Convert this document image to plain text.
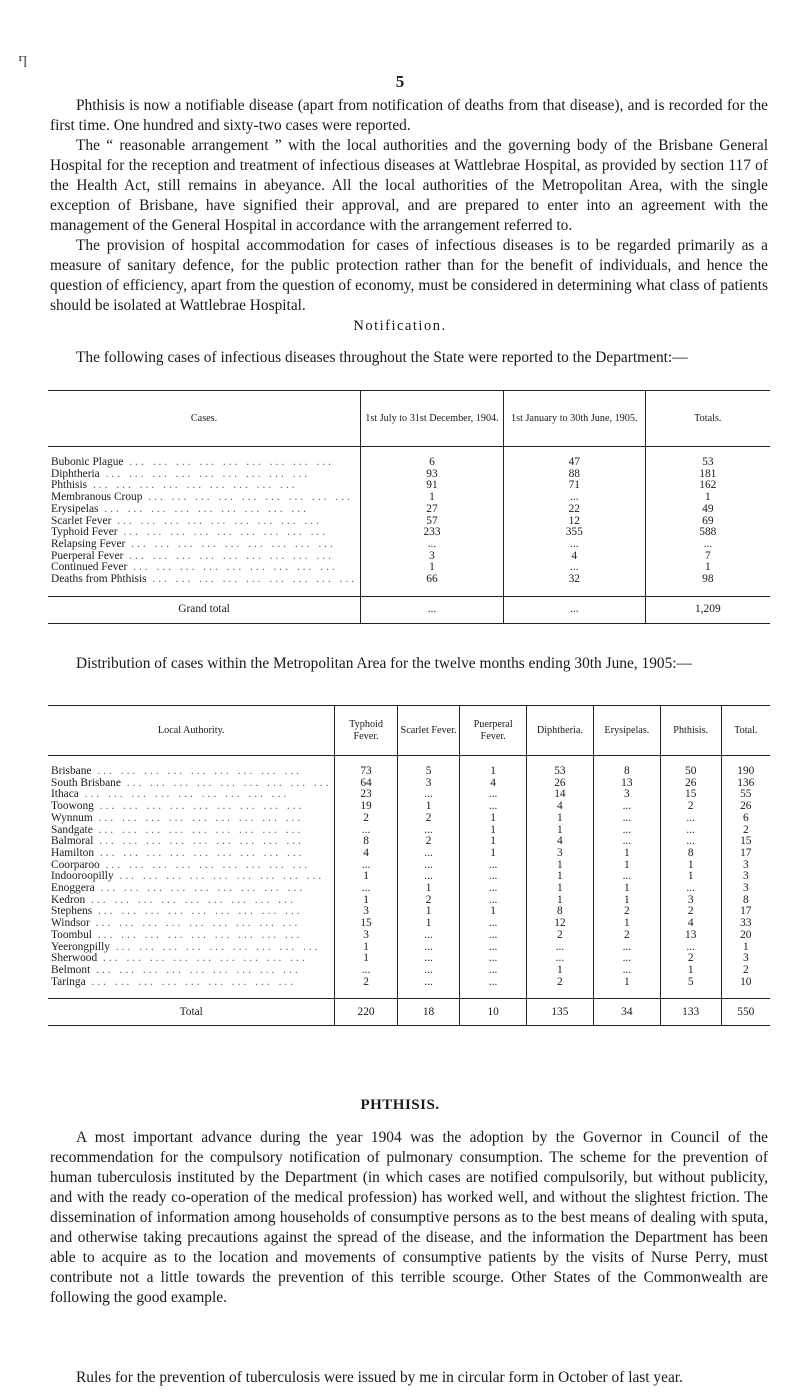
Ⴄ
5

Phthisis is now a notifiable disease (apart from notification of deaths from that disease), and is recorded for the first time. One hundred and sixty-two cases were reported.

The “ reasonable arrangement ” with the local authorities and the governing body of the Brisbane General Hospital for the reception and treatment of infectious diseases at Wattlebrae Hospital, as provided by section 117 of the Health Act, still remains in abeyance. All the local authorities of the Metropolitan Area, with the single exception of Brisbane, have signified their approval, and are prepared to enter into an agreement with the management of the General Hospital in accordance with the arrangement referred to.

The provision of hospital accommodation for cases of infectious diseases is to be regarded primarily as a measure of sanitary defence, for the public protection rather than for the benefit of individuals, and hence the question of efficiency, apart from the question of economy, must be considered in determining what class of patients should be isolated at Wattlebrae Hospital.

Notification.

The following cases of infectious diseases throughout the State were reported to the Department:—

Cases.	1st July to 31st December, 1904.	1st January to 30th June, 1905.	Totals.

Bubonic Plague ... ... ... ... ... ... ... ... ...	6	47	53
Diphtheria ... ... ... ... ... ... ... ... ...	93	88	181
Phthisis ... ... ... ... ... ... ... ... ...	91	71	162
Membranous Croup ... ... ... ... ... ... ... ... ...	1	...	1
Erysipelas ... ... ... ... ... ... ... ... ...	27	22	49
Scarlet Fever ... ... ... ... ... ... ... ... ...	57	12	69
Typhoid Fever ... ... ... ... ... ... ... ... ...	233	355	588
Relapsing Fever ... ... ... ... ... ... ... ... ...	...	...	...
Puerperal Fever ... ... ... ... ... ... ... ... ...	3	4	7
Continued Fever ... ... ... ... ... ... ... ... ...	1	...	1
Deaths from Phthisis ... ... ... ... ... ... ... ... ...	66	32	98

Grand total	...	...	1,209

Distribution of cases within the Metropolitan Area for the twelve months ending 30th June, 1905:—

Local Authority.	Typhoid Fever.	Scarlet Fever.	Puerperal Fever.	Diphtheria.	Erysipelas.	Phthisis.	Total.

Brisbane ... ... ... ... ... ... ... ... ...	73	5	1	53	8	50	190
South Brisbane ... ... ... ... ... ... ... ... ...	64	3	4	26	13	26	136
Ithaca ... ... ... ... ... ... ... ... ...	23	...	...	14	3	15	55
Toowong ... ... ... ... ... ... ... ... ...	19	1	...	4	...	2	26
Wynnum ... ... ... ... ... ... ... ... ...	2	2	1	1	...	...	6
Sandgate ... ... ... ... ... ... ... ... ...	...	...	1	1	...	...	2
Balmoral ... ... ... ... ... ... ... ... ...	8	2	1	4	...	...	15
Hamilton ... ... ... ... ... ... ... ... ...	4	...	1	3	1	8	17
Coorparoo ... ... ... ... ... ... ... ... ...	...	...	...	1	1	1	3
Indooroopilly ... ... ... ... ... ... ... ... ...	1	...	...	1	...	1	3
Enoggera ... ... ... ... ... ... ... ... ...	...	1	...	1	1	...	3
Kedron ... ... ... ... ... ... ... ... ...	1	2	...	1	1	3	8
Stephens ... ... ... ... ... ... ... ... ...	3	1	1	8	2	2	17
Windsor ... ... ... ... ... ... ... ... ...	15	1	...	12	1	4	33
Toombul ... ... ... ... ... ... ... ... ...	3	...	...	2	2	13	20
Yeerongpilly ... ... ... ... ... ... ... ... ...	1	...	...	...	...	...	1
Sherwood ... ... ... ... ... ... ... ... ...	1	...	...	...	...	2	3
Belmont ... ... ... ... ... ... ... ... ...	...	...	...	1	...	1	2
Taringa ... ... ... ... ... ... ... ... ...	2	...	...	2	1	5	10

Total	220	18	10	135	34	133	550
PHTHISIS.

A most important advance during the year 1904 was the adoption by the Governor in Council of the recommendation for the compulsory notification of pulmonary consumption. The scheme for the prevention of human tuberculosis instituted by the Department (in which cases are notified compulsorily, but without publicity, and with the ready co-operation of the medical profession) has worked well, and without the slightest friction. The dissemination of information among households of consumptive persons as to the best means of dealing with sputa, and otherwise taking precautions against the spread of the disease, and the information the Department has been able to acquire as to the location and movements of consumptive patients by the visits of Nurse Perry, must contribute not a little towards the prevention of this terrible scourge. Other States of the Commonwealth are following the good example.

Rules for the prevention of tuberculosis were issued by me in circular form in October of last year.
